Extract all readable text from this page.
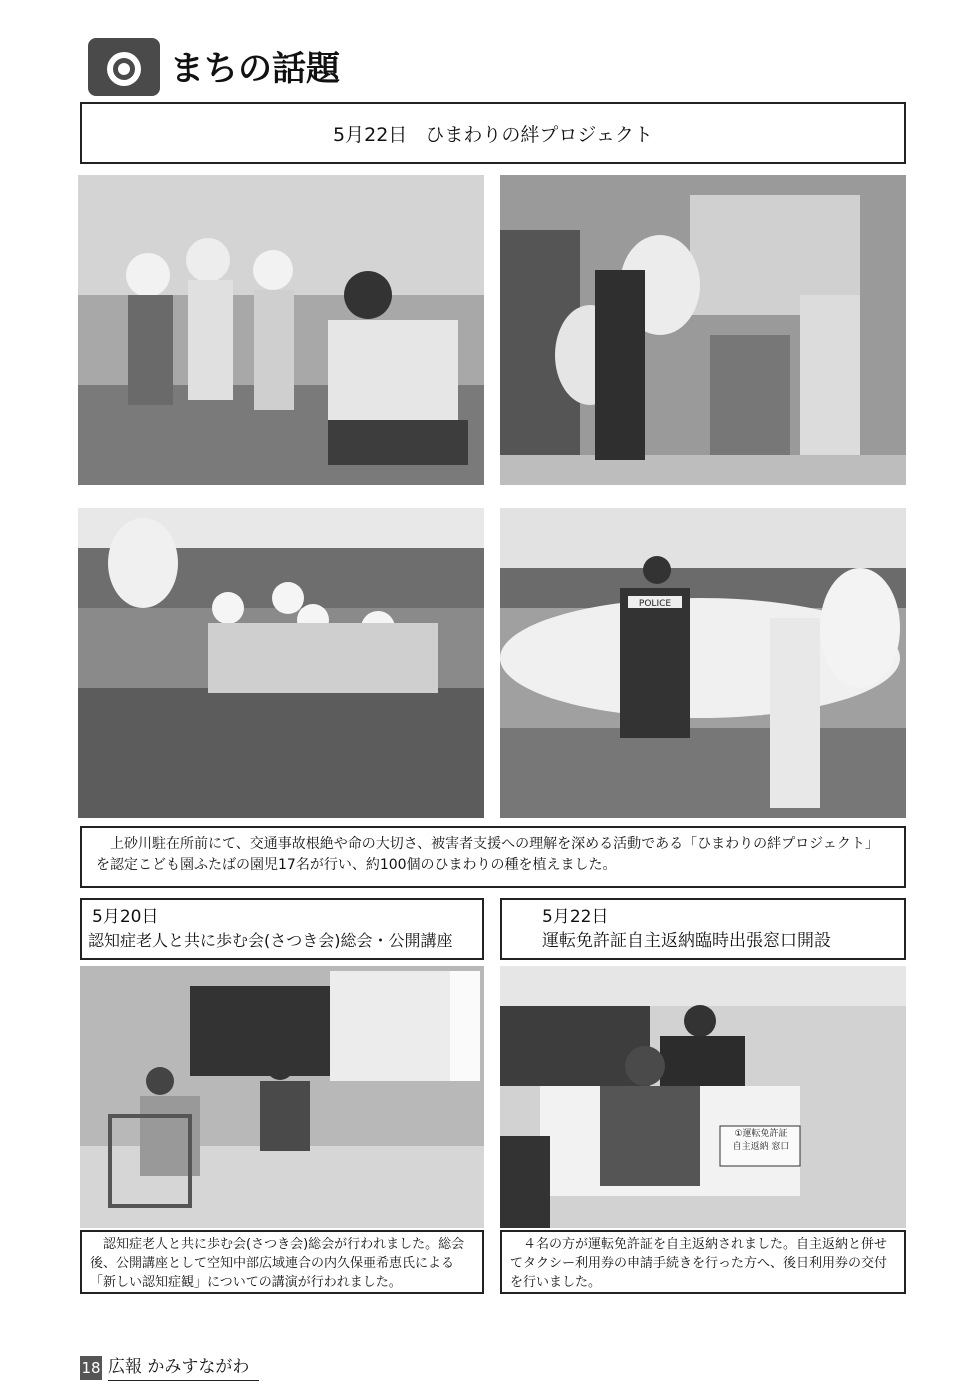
まちの話題
5月22日 ひまわりの絆プロジェクト
POLICE
上砂川駐在所前にて、交通事故根絶や命の大切さ、被害者支援への理解を深める活動である「ひまわりの絆プロジェクト」を認定こども園ふたばの園児17名が行い、約100個のひまわりの種を植えました。
5月20日
認知症老人と共に歩む会(さつき会)総会・公開講座
認知症老人と共に歩む会(さつき会)総会が行われました。総会後、公開講座として空知中部広域連合の内久保亜希恵氏による「新しい認知症観」についての講演が行われました。
5月22日
運転免許証自主返納臨時出張窓口開設
①運転免許証
自主返納 窓口
４名の方が運転免許証を自主返納されました。自主返納と併せてタクシー利用券の申請手続きを行った方へ、後日利用券の交付を行いました。
18 広報 かみすながわ
